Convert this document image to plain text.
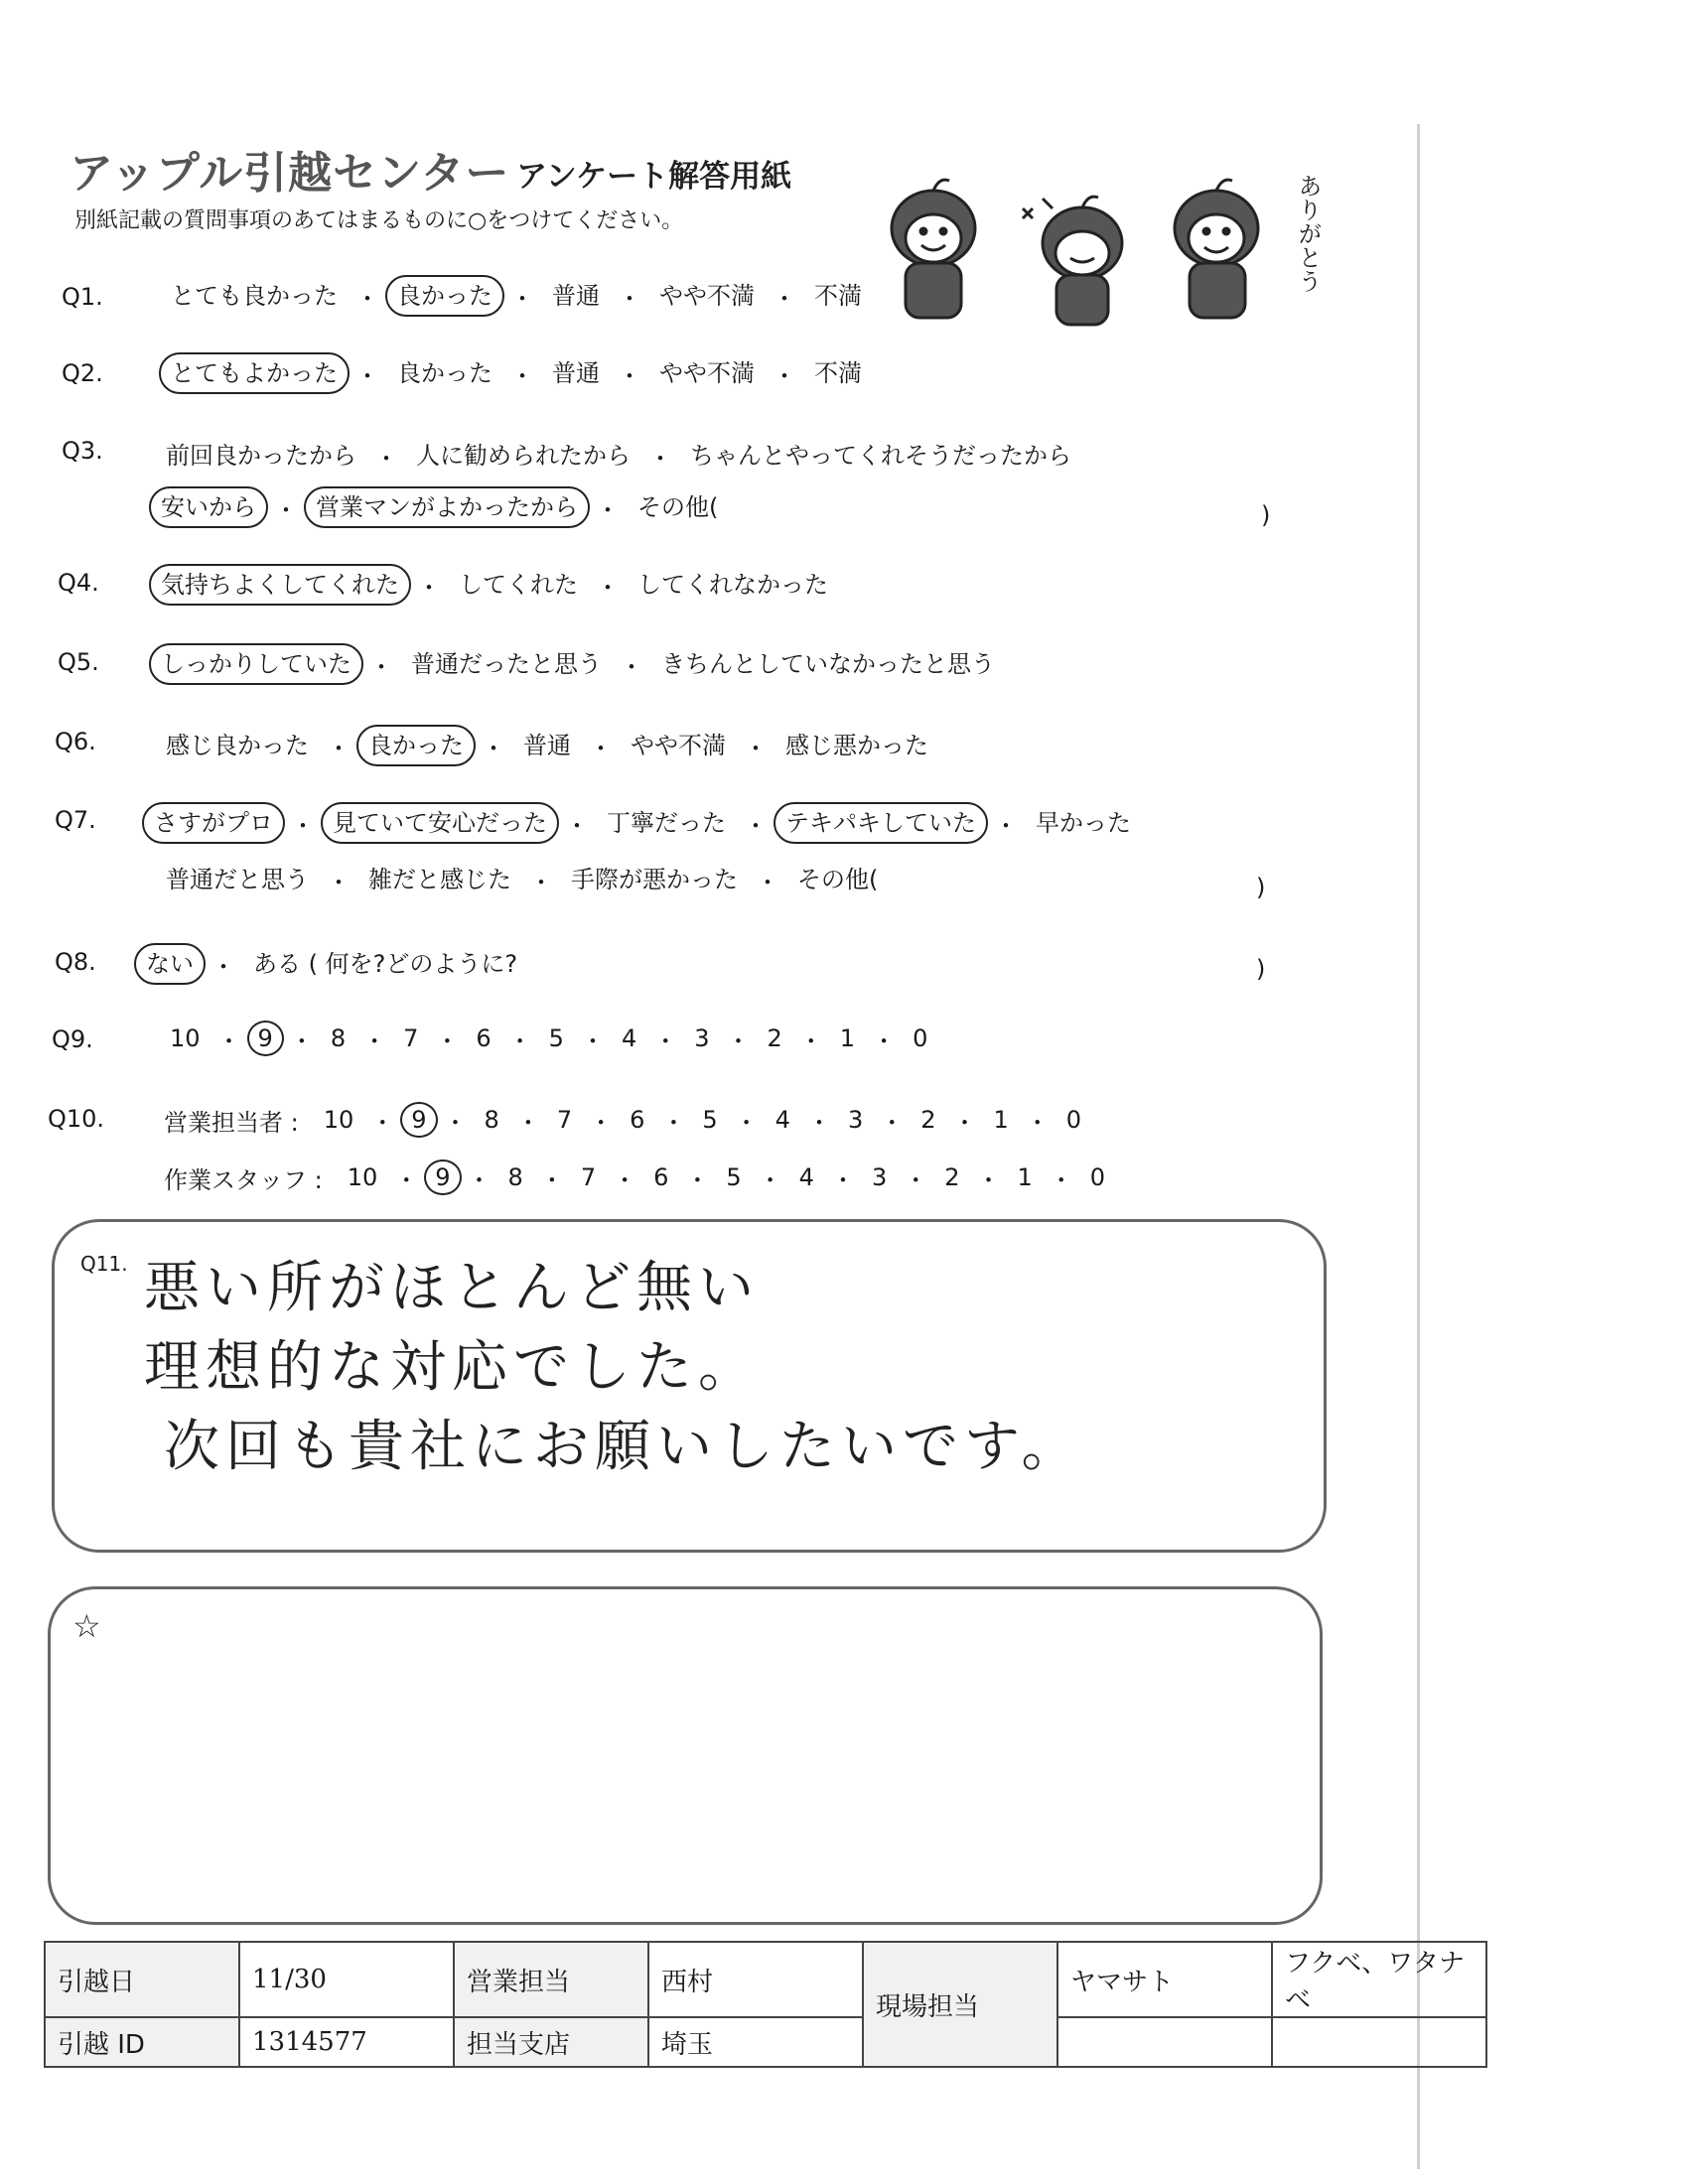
アップル引越センター アンケート解答用紙
別紙記載の質問事項のあてはまるものに○をつけてください。	ありがとう
Q1.	とても良かった ・ 良かった ・ 普通 ・ やや不満 ・ 不満
Q2.	とてもよかった ・ 良かった ・ 普通 ・ やや不満 ・ 不満
Q3.	前回良かったから ・ 人に勧められたから ・ ちゃんとやってくれそうだったから
安いから ・ 営業マンがよかったから ・ その他(	)
Q4.	気持ちよくしてくれた ・ してくれた ・ してくれなかった
Q5.	しっかりしていた ・ 普通だったと思う ・ きちんとしていなかったと思う
Q6.	感じ良かった ・ 良かった ・ 普通 ・ やや不満 ・ 感じ悪かった
Q7.	さすがプロ ・ 見ていて安心だった ・ 丁寧だった ・ テキパキしていた ・ 早かった
普通だと思う ・ 雑だと感じた ・ 手際が悪かった ・ その他(	)
Q8.	ない ・ ある ( 何を?どのように?	)
Q9.	10 ・ 9 ・ 8 ・ 7 ・ 6 ・ 5 ・ 4 ・ 3 ・ 2 ・ 1 ・ 0
Q10. 営業担当者 :	10 ・ 9 ・ 8 ・ 7 ・ 6 ・ 5 ・ 4 ・ 3 ・ 2 ・ 1 ・ 0
作業スタッフ :	10 ・ 9 ・ 8 ・ 7 ・ 6 ・ 5 ・ 4 ・ 3 ・ 2 ・ 1 ・ 0
Q11. 悪い所がほとんど無い
理想的な対応でした。
次回も貴社にお願いしたいです。
☆
引越日	11/30	営業担当	西村	現場担当	ヤマサト	フクベ、ワタナベ
引越 ID	1314577	担当支店	埼玉			
